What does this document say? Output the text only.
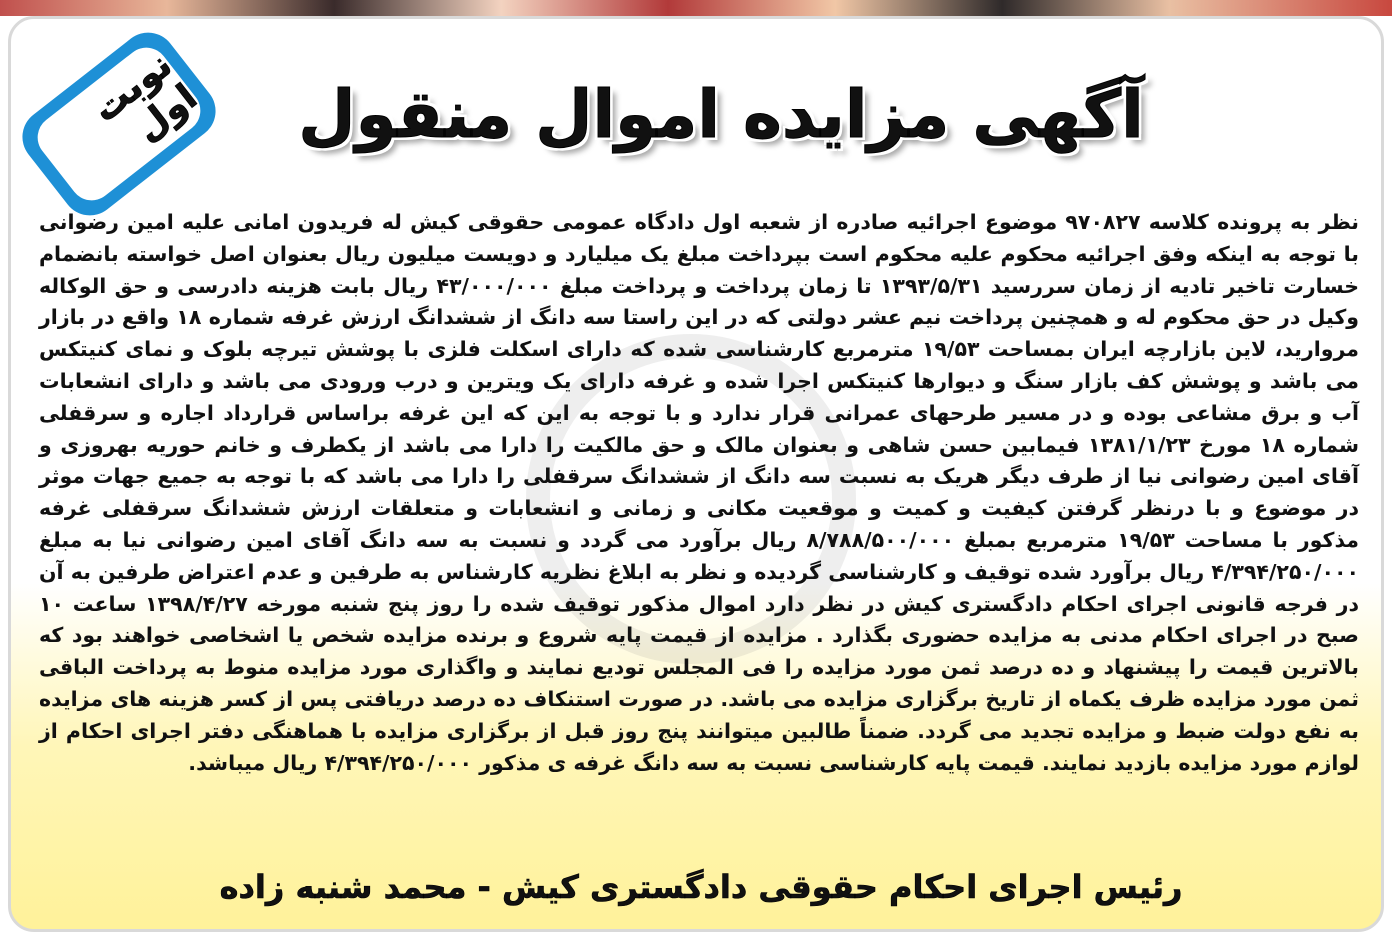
نوبت اول آگهی مزایده اموال منقول

نظر به پرونده کلاسه ۹۷۰۸۲۷ موضوع اجرائیه صادره از شعبه اول دادگاه عمومی حقوقی کیش له فریدون امانی علیه امین رضوانی با توجه به اینکه وفق اجرائیه محکوم علیه محکوم است بپرداخت مبلغ یک میلیارد و دویست میلیون ریال بعنوان اصل خواسته بانضمام خسارت تاخیر تادیه از زمان سررسید ۱۳۹۳/۵/۳۱ تا زمان پرداخت و پرداخت مبلغ ۴۳/۰۰۰/۰۰۰ ریال بابت هزینه دادرسی و حق الوکاله وکیل در حق محکوم له و همچنین پرداخت نیم عشر دولتی که در این راستا سه دانگ از ششدانگ ارزش غرفه شماره ۱۸ واقع در بازار مروارید، لاین بازارچه ایران بمساحت ۱۹/۵۳ مترمربع کارشناسی شده که دارای اسکلت فلزی با پوشش تیرچه بلوک و نمای کنیتکس می باشد و پوشش کف بازار سنگ و دیوارها کنیتکس اجرا شده و غرفه دارای یک ویترین و درب ورودی می باشد و دارای انشعابات آب و برق مشاعی بوده و در مسیر طرحهای عمرانی قرار ندارد و با توجه به این که این غرفه براساس قرارداد اجاره و سرقفلی شماره ۱۸ مورخ ۱۳۸۱/۱/۲۳ فیمابین حسن شاهی و بعنوان مالک و حق مالکیت را دارا می باشد از یکطرف و خانم حوریه بهروزی و آقای امین رضوانی نیا از طرف دیگر هریک به نسبت سه دانگ از ششدانگ سرقفلی را دارا می باشد که با توجه به جمیع جهات موثر در موضوع و با درنظر گرفتن کیفیت و کمیت و موقعیت مکانی و زمانی و انشعابات و متعلقات ارزش ششدانگ سرقفلی غرفه مذکور با مساحت ۱۹/۵۳ مترمربع بمبلغ ۸/۷۸۸/۵۰۰/۰۰۰ ریال برآورد می گردد و نسبت به سه دانگ آقای امین رضوانی نیا به مبلغ ۴/۳۹۴/۲۵۰/۰۰۰ ریال برآورد شده توقیف و کارشناسی گردیده و نظر به ابلاغ نظریه کارشناس به طرفین و عدم اعتراض طرفین به آن در فرجه قانونی اجرای احکام دادگستری کیش در نظر دارد اموال مذکور توقیف شده را روز پنج شنبه مورخه ۱۳۹۸/۴/۲۷ ساعت ۱۰ صبح در اجرای احکام مدنی به مزایده حضوری بگذارد . مزایده از قیمت پایه شروع و برنده مزایده شخص یا اشخاصی خواهند بود که بالاترین قیمت را پیشنهاد و ده درصد ثمن مورد مزایده را فی المجلس تودیع نمایند و واگذاری مورد مزایده منوط به پرداخت الباقی ثمن مورد مزایده ظرف یکماه از تاریخ برگزاری مزایده می باشد. در صورت استنکاف ده درصد دریافتی پس از کسر هزینه های مزایده به نفع دولت ضبط و مزایده تجدید می گردد. ضمناً طالبین میتوانند پنج روز قبل از برگزاری مزایده با هماهنگی دفتر اجرای احکام از لوازم مورد مزایده بازدید نمایند. قیمت پایه کارشناسی نسبت به سه دانگ غرفه ی مذکور ۴/۳۹۴/۲۵۰/۰۰۰ ریال میباشد.

رئیس اجرای احکام حقوقی دادگستری کیش - محمد شنبه زاده
